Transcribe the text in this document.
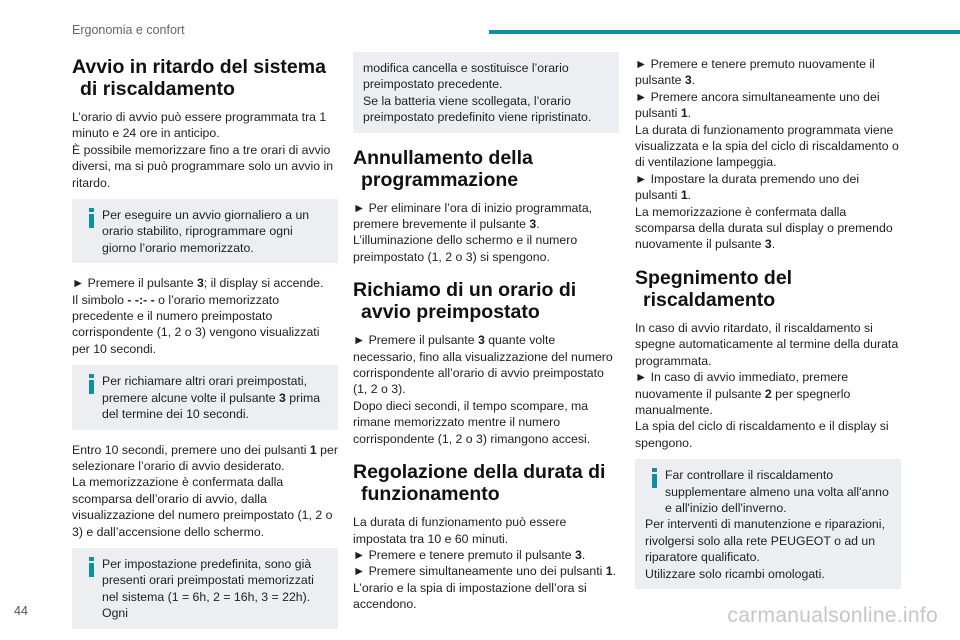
Ergonomia e confort
Avvio in ritardo del sistema di riscaldamento

L’orario di avvio può essere programmata tra 1 minuto e 24 ore in anticipo.
È possibile memorizzare fino a tre orari di avvio diversi, ma si può programmare solo un avvio in ritardo.

Per eseguire un avvio giornaliero a un orario stabilito, riprogrammare ogni giorno l’orario memorizzato.

► Premere il pulsante 3; il display si accende.
Il simbolo - -:- - o l’orario memorizzato precedente e il numero preimpostato corrispondente (1, 2 o 3) vengono visualizzati per 10 secondi.

Per richiamare altri orari preimpostati, premere alcune volte il pulsante 3 prima del termine dei 10 secondi.

Entro 10 secondi, premere uno dei pulsanti 1 per selezionare l’orario di avvio desiderato.
La memorizzazione è confermata dalla scomparsa dell’orario di avvio, dalla visualizzazione del numero preimpostato (1, 2 o 3) e dall’accensione dello schermo.

Per impostazione predefinita, sono già presenti orari preimpostati memorizzati nel sistema (1 = 6h, 2 = 16h, 3 = 22h). Ogni
modifica cancella e sostituisce l’orario preimpostato precedente.
Se la batteria viene scollegata, l’orario preimpostato predefinito viene ripristinato.
Annullamento della programmazione

► Per eliminare l’ora di inizio programmata, premere brevemente il pulsante 3.
L’illuminazione dello schermo e il numero preimpostato (1, 2 o 3) si spengono.

Richiamo di un orario di avvio preimpostato

► Premere il pulsante 3 quante volte necessario, fino alla visualizzazione del numero corrispondente all’orario di avvio preimpostato (1, 2 o 3).
Dopo dieci secondi, il tempo scompare, ma rimane memorizzato mentre il numero corrispondente (1, 2 o 3) rimangono accesi.

Regolazione della durata di funzionamento

La durata di funzionamento può essere impostata tra 10 e 60 minuti.
► Premere e tenere premuto il pulsante 3.
► Premere simultaneamente uno dei pulsanti 1.
L’orario e la spia di impostazione dell’ora si accendono.

► Premere e tenere premuto nuovamente il pulsante 3.
► Premere ancora simultaneamente uno dei pulsanti 1.
La durata di funzionamento programmata viene visualizzata e la spia del ciclo di riscaldamento o di ventilazione lampeggia.
► Impostare la durata premendo uno dei pulsanti 1.
La memorizzazione è confermata dalla scomparsa della durata sul display o premendo nuovamente il pulsante 3.

Spegnimento del riscaldamento

In caso di avvio ritardato, il riscaldamento si spegne automaticamente al termine della durata programmata.
► In caso di avvio immediato, premere nuovamente il pulsante 2 per spegnerlo manualmente.
La spia del ciclo di riscaldamento e il display si spengono.

Far controllare il riscaldamento supplementare almeno una volta all'anno e all'inizio dell'inverno.
Per interventi di manutenzione e riparazioni, rivolgersi solo alla rete PEUGEOT o ad un riparatore qualificato.
Utilizzare solo ricambi omologati.
44	carmanualsonline.info
